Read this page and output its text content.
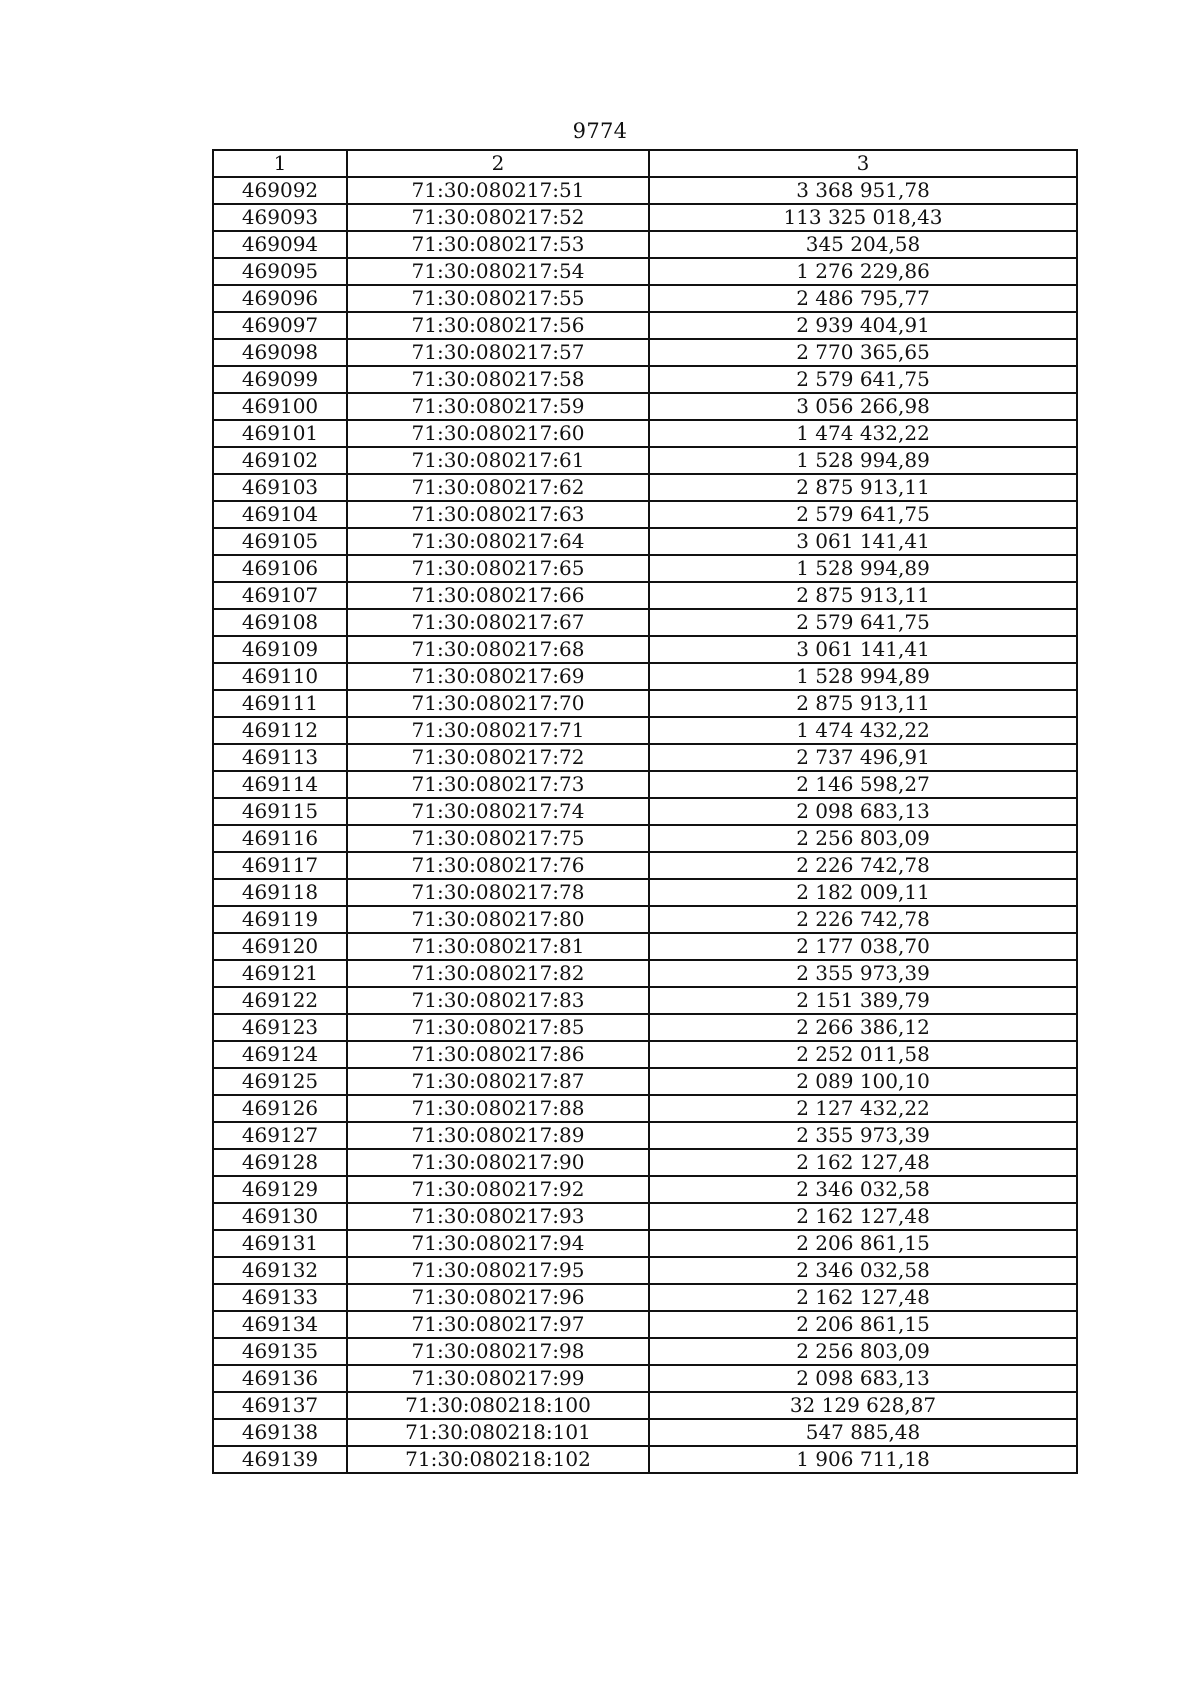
9774
1	2	3
469092	71:30:080217:51	3 368 951,78
469093	71:30:080217:52	113 325 018,43
469094	71:30:080217:53	345 204,58
469095	71:30:080217:54	1 276 229,86
469096	71:30:080217:55	2 486 795,77
469097	71:30:080217:56	2 939 404,91
469098	71:30:080217:57	2 770 365,65
469099	71:30:080217:58	2 579 641,75
469100	71:30:080217:59	3 056 266,98
469101	71:30:080217:60	1 474 432,22
469102	71:30:080217:61	1 528 994,89
469103	71:30:080217:62	2 875 913,11
469104	71:30:080217:63	2 579 641,75
469105	71:30:080217:64	3 061 141,41
469106	71:30:080217:65	1 528 994,89
469107	71:30:080217:66	2 875 913,11
469108	71:30:080217:67	2 579 641,75
469109	71:30:080217:68	3 061 141,41
469110	71:30:080217:69	1 528 994,89
469111	71:30:080217:70	2 875 913,11
469112	71:30:080217:71	1 474 432,22
469113	71:30:080217:72	2 737 496,91
469114	71:30:080217:73	2 146 598,27
469115	71:30:080217:74	2 098 683,13
469116	71:30:080217:75	2 256 803,09
469117	71:30:080217:76	2 226 742,78
469118	71:30:080217:78	2 182 009,11
469119	71:30:080217:80	2 226 742,78
469120	71:30:080217:81	2 177 038,70
469121	71:30:080217:82	2 355 973,39
469122	71:30:080217:83	2 151 389,79
469123	71:30:080217:85	2 266 386,12
469124	71:30:080217:86	2 252 011,58
469125	71:30:080217:87	2 089 100,10
469126	71:30:080217:88	2 127 432,22
469127	71:30:080217:89	2 355 973,39
469128	71:30:080217:90	2 162 127,48
469129	71:30:080217:92	2 346 032,58
469130	71:30:080217:93	2 162 127,48
469131	71:30:080217:94	2 206 861,15
469132	71:30:080217:95	2 346 032,58
469133	71:30:080217:96	2 162 127,48
469134	71:30:080217:97	2 206 861,15
469135	71:30:080217:98	2 256 803,09
469136	71:30:080217:99	2 098 683,13
469137	71:30:080218:100	32 129 628,87
469138	71:30:080218:101	547 885,48
469139	71:30:080218:102	1 906 711,18
